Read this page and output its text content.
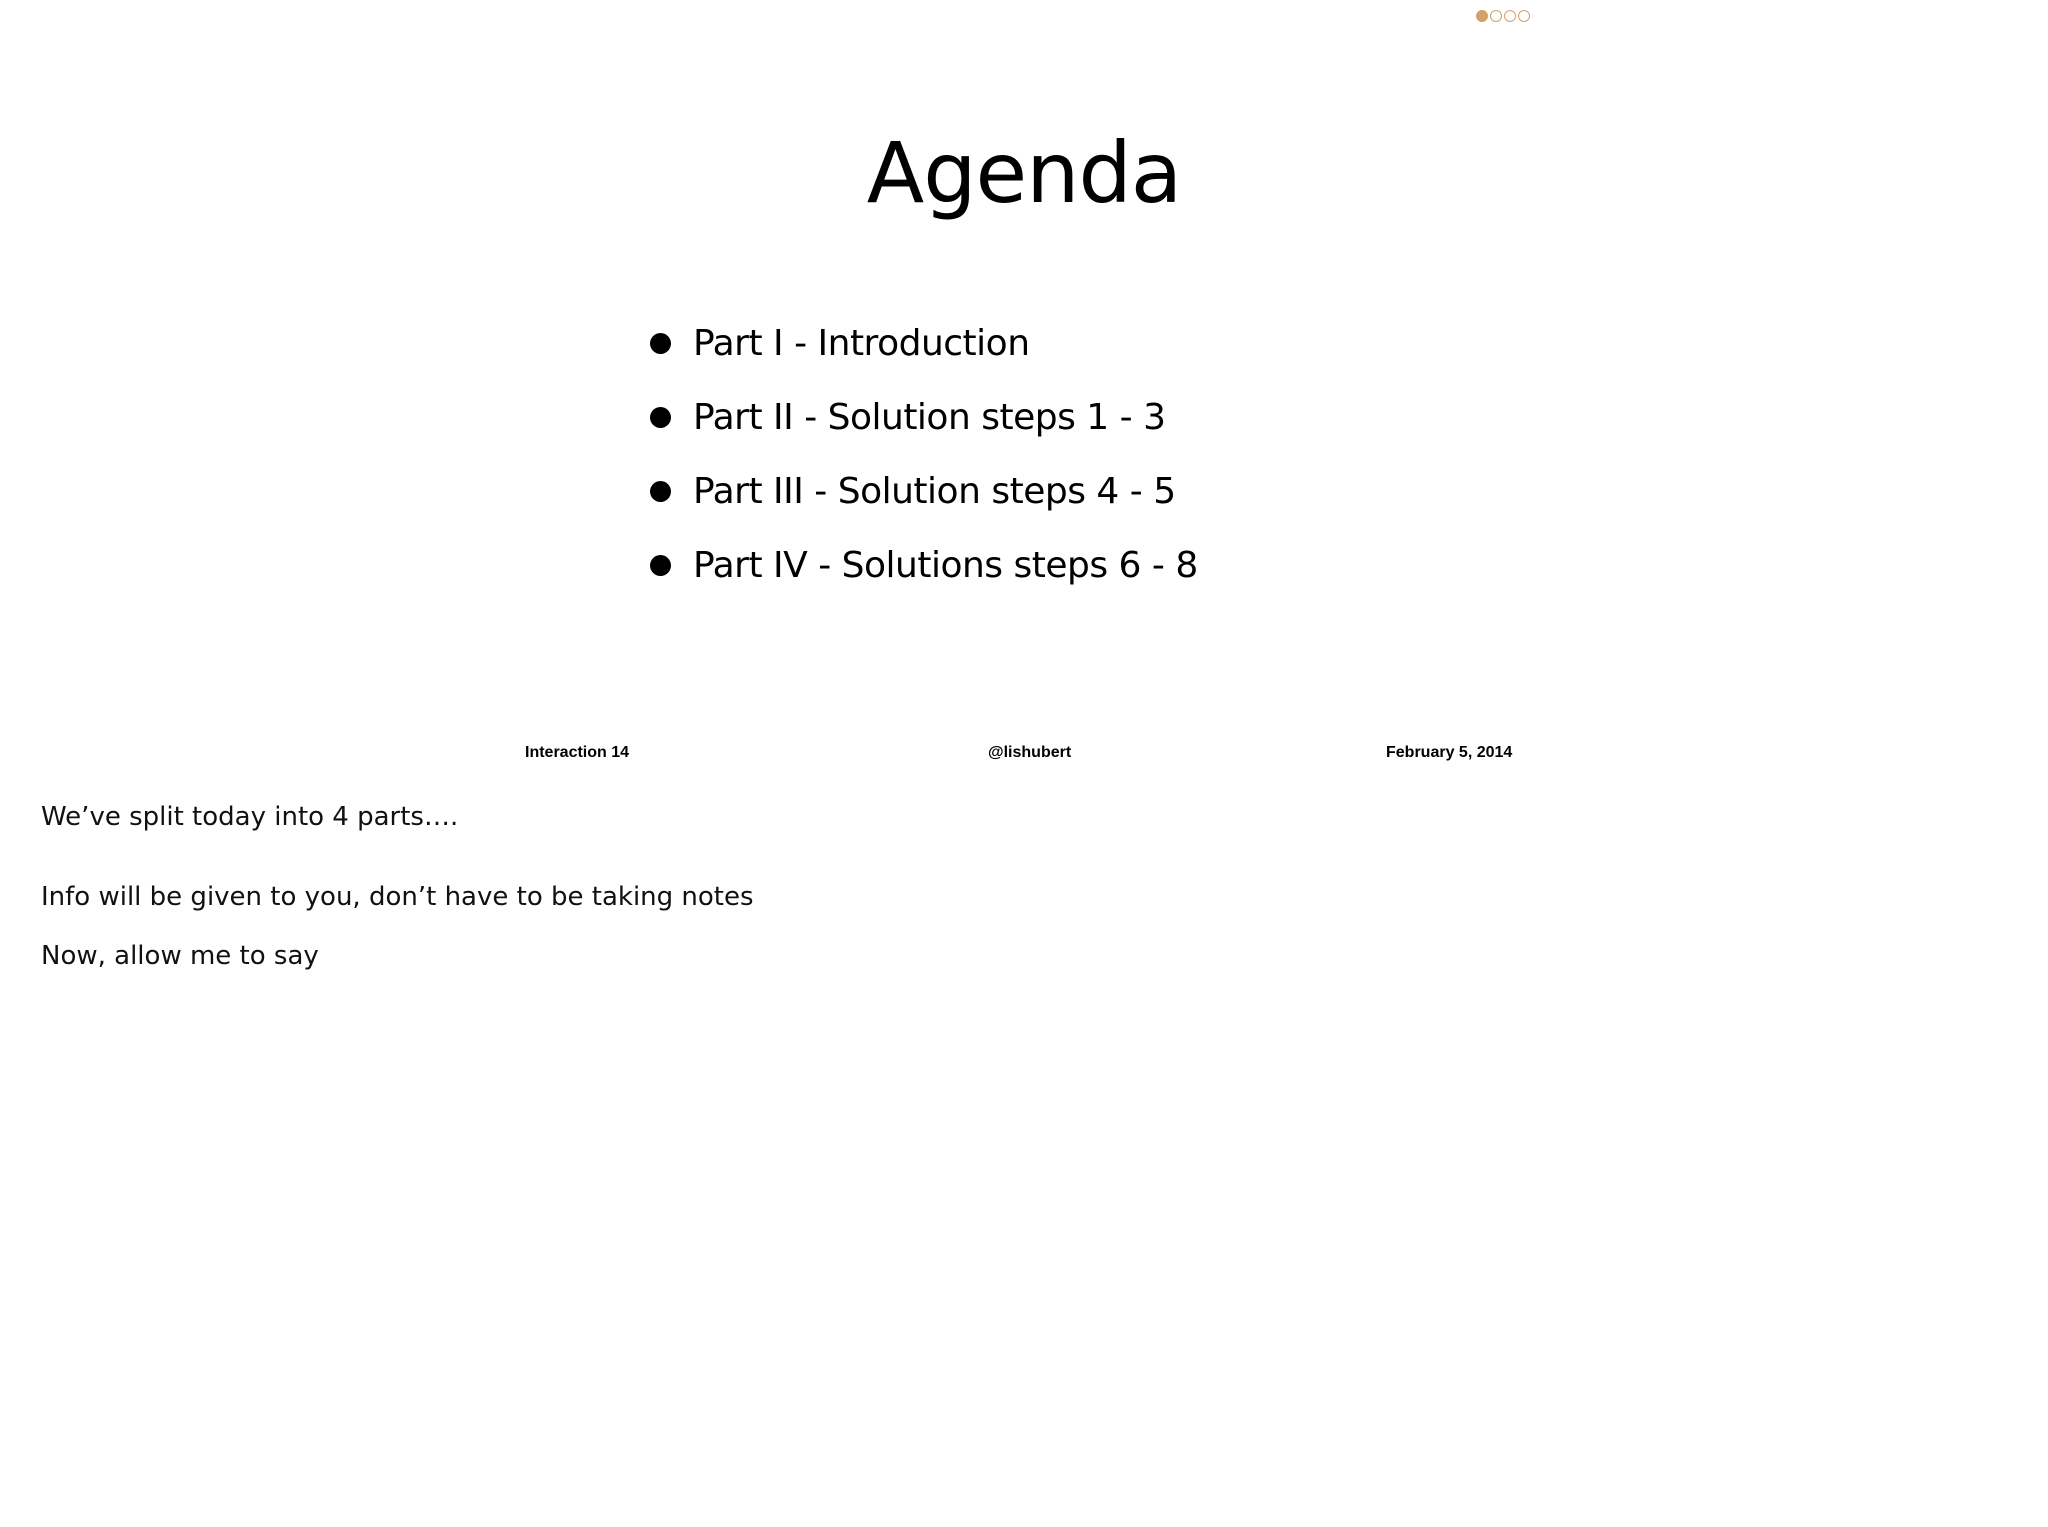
Agenda
Part I - Introduction
Part II - Solution steps 1 - 3
Part III - Solution steps 4 - 5
Part IV - Solutions steps 6 - 8
Interaction 14	@lishubert	February 5, 2014

We’ve split today into 4 parts….

Info will be given to you, don’t have to be taking notes

Now, allow me to say
